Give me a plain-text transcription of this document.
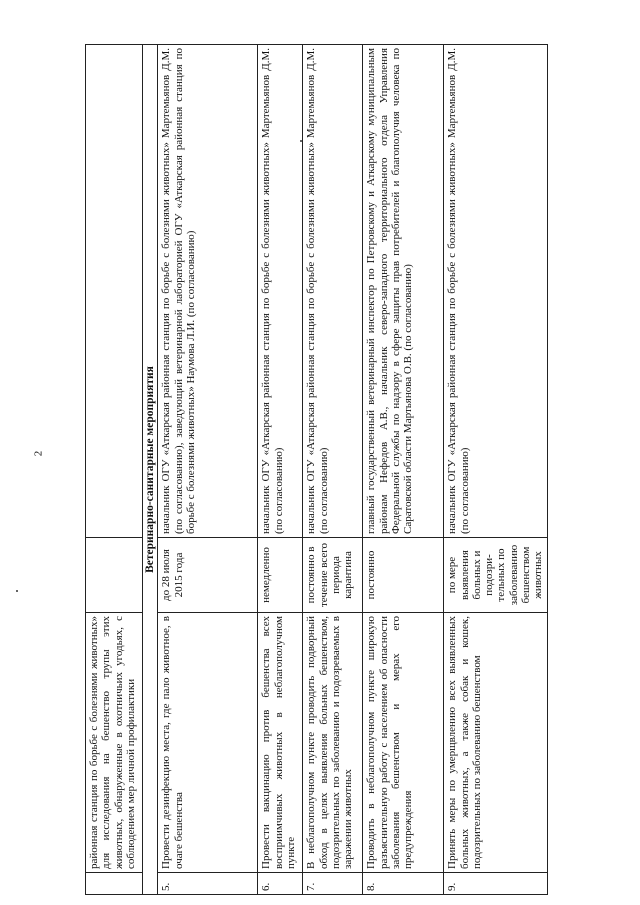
2
	районная станция по борьбе с болезнями животных» для исследования на бешенство трупы этих животных, обнаруженные в охотничьих угодьях, с соблюдением мер личной профилактики		
Ветеринарно-санитарные мероприятия			
5.	Провести дезинфекцию места, где пало животное, в очаге бешенства	до 28 июля 2015 года	начальник ОГУ «Аткарская районная станция по борьбе с болезнями животных» Мартемьянов Д.М. (по согласованию), заведующий ветеринарной лабораторией ОГУ «Аткарская районная станция по борьбе с болезнями животных» Наумова Л.И. (по согласованию)
6.	Провести вакцинацию против бешенства всех восприимчивых животных в неблагополучном пункте	немедленно	начальник ОГУ «Аткарская районная станция по борьбе с болезнями животных» Мартемьянов Д.М. (по согласованию)
7.	В неблагополучном пункте проводить подворный обход в целях выявления больных бешенством, подозрительных по заболеванию и подозреваемых в заражении животных	постоянно в течение всего периода карантина	начальник ОГУ «Аткарская районная станция по борьбе с болезнями животных» Мартемьянов Д.М. (по согласованию)
8.	Проводить в неблагополучном пункте широкую разъяснительную работу с населением об опасности заболевания бешенством и мерах его предупреждения	постоянно	главный государственный ветеринарный инспектор по Петровскому и Аткарскому муниципальным районам Нефедов А.В., начальник северо-западного территориального отдела Управления Федеральной службы по надзору в сфере защиты прав потребителей и благополучия человека по Саратовской области Мартьянова О.В. (по согласованию)
9.	Принять меры по умерщвлению всех выявленных больных животных, а также собак и кошек, подозрительных по заболеванию бешенством	по мере выявления больных и подозри-тельных по заболеванию бешенством животных	начальник ОГУ «Аткарская районная станция по борьбе с болезнями животных» Мартемьянов Д.М. (по согласованию)
